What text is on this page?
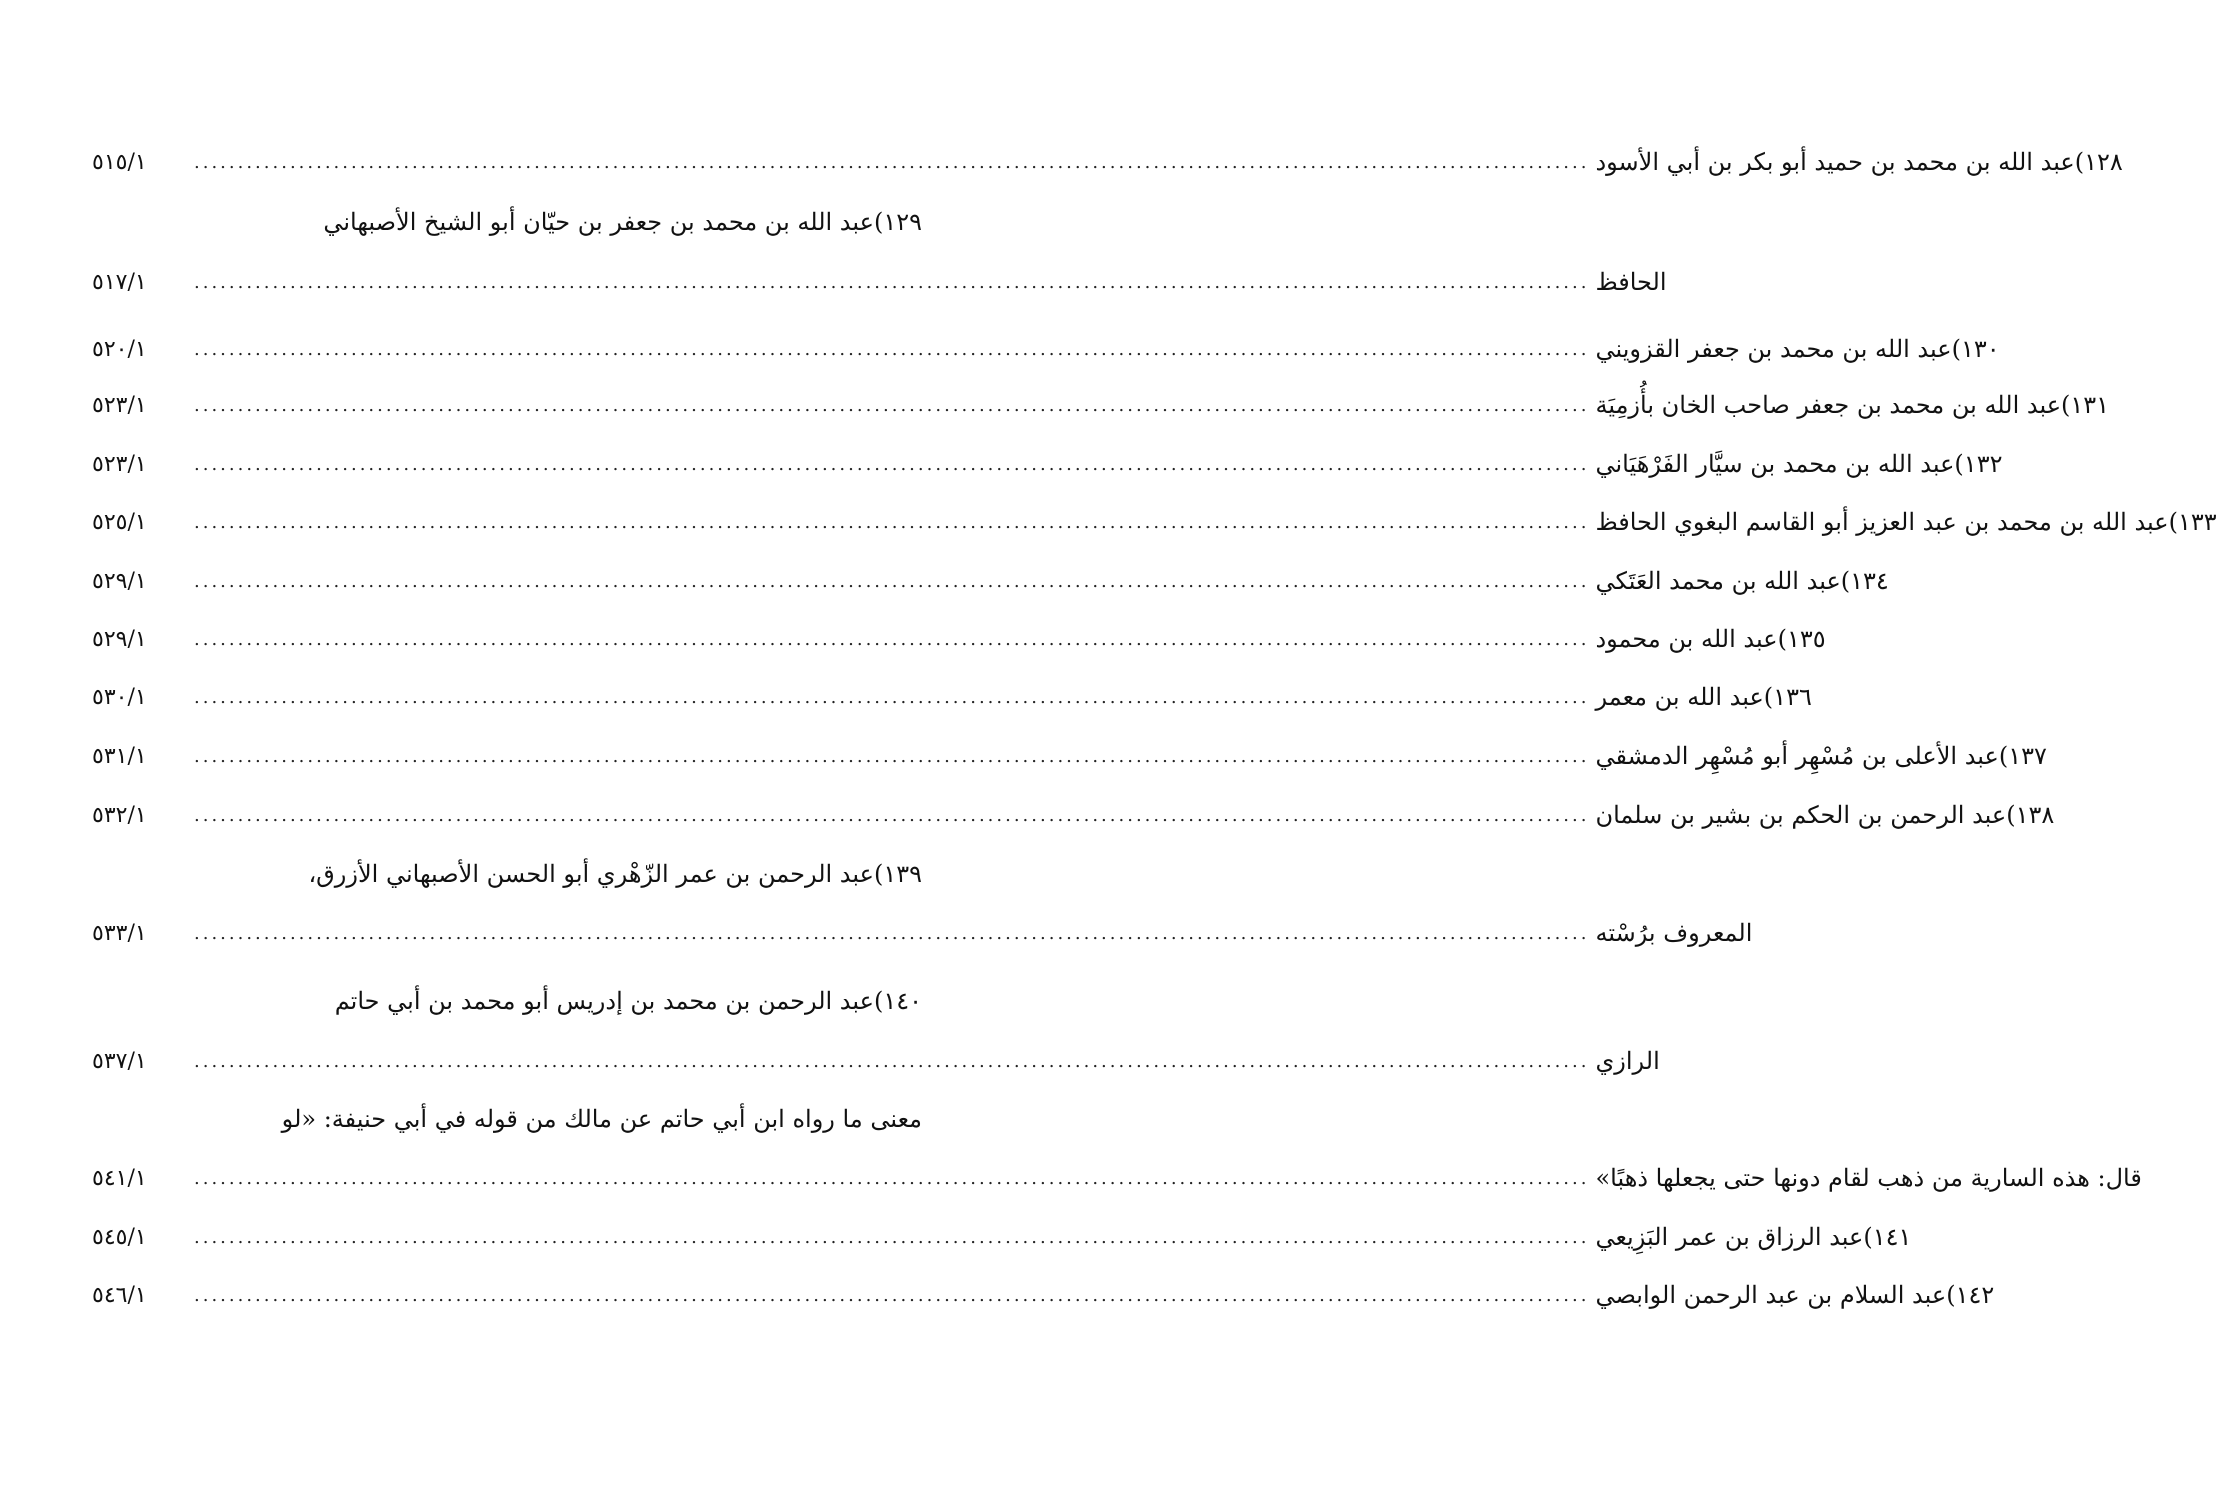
٥١٥/١	................................................................................................................................................................ ١٢٨)عبد الله بن محمد بن حميد أبو بكر بن أبي الأسود
١٢٩)عبد الله بن محمد بن جعفر بن حيّان أبو الشيخ الأصبهاني
٥١٧/١	................................................................................................................................................................ الحافظ
٥٢٠/١	................................................................................................................................................................ ١٣٠)عبد الله بن محمد بن جعفر القزويني
٥٢٣/١	................................................................................................................................................................ ١٣١)عبد الله بن محمد بن جعفر صاحب الخان بأُزمِيَة
٥٢٣/١	................................................................................................................................................................ ١٣٢)عبد الله بن محمد بن سيَّار الفَرْهَيَاني
٥٢٥/١	................................................................................................................................................................ ١٣٣)عبد الله بن محمد بن عبد العزيز أبو القاسم البغوي الحافظ
٥٢٩/١	................................................................................................................................................................ ١٣٤)عبد الله بن محمد العَتَكي
٥٢٩/١	................................................................................................................................................................ ١٣٥)عبد الله بن محمود
٥٣٠/١	................................................................................................................................................................ ١٣٦)عبد الله بن معمر
٥٣١/١	................................................................................................................................................................ ١٣٧)عبد الأعلى بن مُسْهِر أبو مُسْهِر الدمشقي
٥٣٢/١	................................................................................................................................................................ ١٣٨)عبد الرحمن بن الحكم بن بشير بن سلمان
١٣٩)عبد الرحمن بن عمر الزّهْري أبو الحسن الأصبهاني الأزرق،
٥٣٣/١	................................................................................................................................................................ المعروف برُسْته
١٤٠)عبد الرحمن بن محمد بن إدريس أبو محمد بن أبي حاتم
٥٣٧/١	................................................................................................................................................................ الرازي
معنى ما رواه ابن أبي حاتم عن مالك من قوله في أبي حنيفة: «لو
٥٤١/١	................................................................................................................................................................ قال: هذه السارية من ذهب لقام دونها حتى يجعلها ذهبًا»
٥٤٥/١	................................................................................................................................................................ ١٤١)عبد الرزاق بن عمر البَزِيعي
٥٤٦/١	................................................................................................................................................................ ١٤٢)عبد السلام بن عبد الرحمن الوابصي
